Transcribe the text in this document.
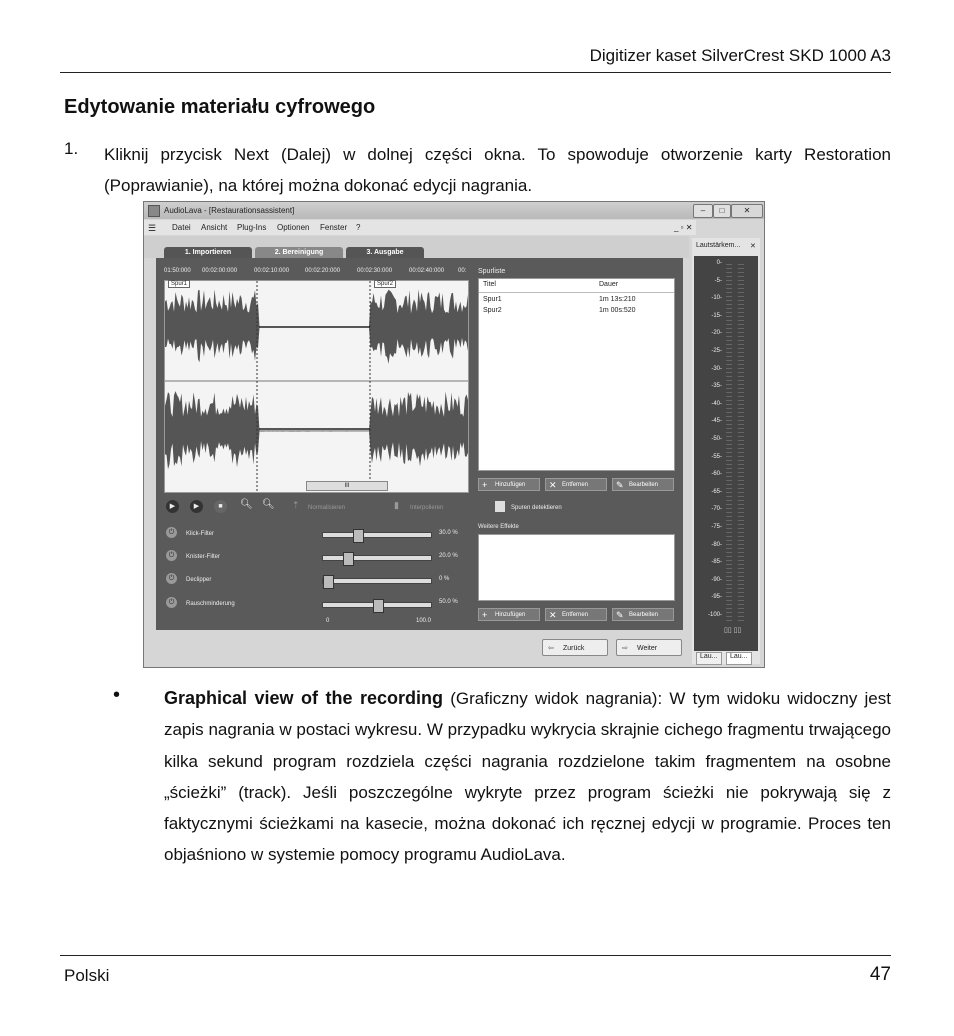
Digitizer kaset SilverCrest SKD 1000 A3
Edytowanie materiału cyfrowego
1. Kliknij przycisk Next (Dalej) w dolnej części okna. To spowoduje otworzenie karty Restoration (Poprawianie), na której można dokonać edycji nagrania.
AudioLava - [Restaurationsassistent]	–	□	✕
☰ Datei Ansicht Plug-Ins Optionen Fenster ?	_ ▫ ✕
1. Importieren	2. Bereinigung	3. Ausgabe
01:50:000 00:02:00:000	00:02:10:000	00:02:20:000	00:02:30:000	00:02:40:000 00:
Spur1	Spur2
III
Spurliste
Titel	Dauer
Spur1	1m 13s:210
Spur2	1m 00s:520
+ Hinzufügen	✕ Entfernen	✎ Bearbeiten
▶	▶	■	🔍︎ 🔍︎ ⇡ Normalisieren	▮ Interpolieren	Spuren detektieren
⏻	Klick-Filter	30.0 %
⏻	Knister-Filter	20.0 %
⏻	Declipper	0 %
⏻	Rauschminderung	50.0 %
0	100.0
Weitere Effekte
+ Hinzufügen	✕ Entfernen	✎ Bearbeiten
⇦ Zurück	⇨ Weiter
Lautstärkem... ✕
▯▯ ▯▯
0-
-5-
-10-
-15-
-20-
-25-
-30-
-35-
-40-
-45-
-50-
-55-
-60-
-65-
-70-
-75-
-80-
-85-
-90-
-95-
-100-
Lau...	Lau...
• Graphical view of the recording (Graficzny widok nagrania): W tym widoku widoczny jest zapis nagrania w postaci wykresu. W przypadku wykrycia skrajnie cichego fragmentu trwającego kilka sekund program rozdziela części nagrania rozdzielone takim fragmentem na osobne „ścieżki” (track). Jeśli poszczególne wykryte przez program ścieżki nie pokrywają się z faktycznymi ścieżkami na kasecie, można dokonać ich ręcznej edycji w programie. Proces ten objaśniono w systemie pomocy programu AudioLava.
Polski	47
